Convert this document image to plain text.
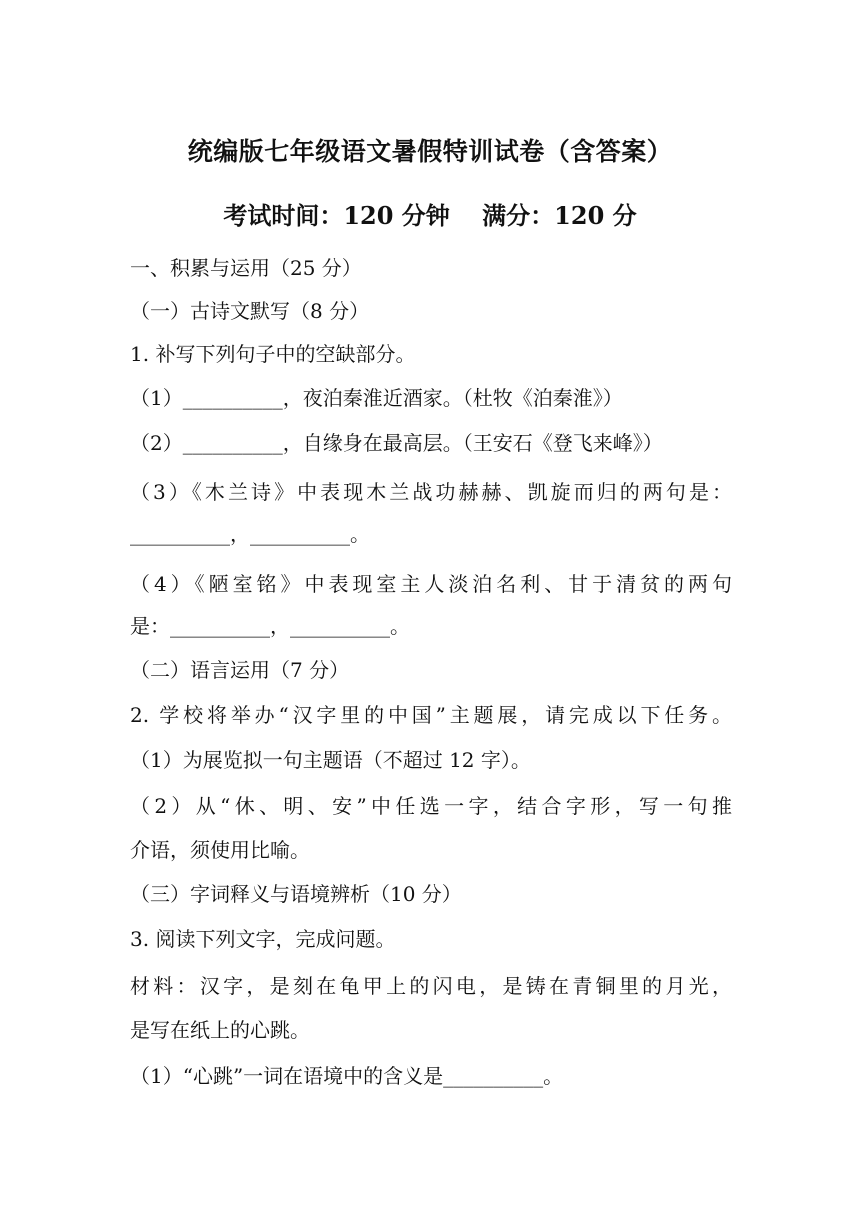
统编版七年级语文暑假特训试卷（含答案）
考试时间：120 分钟　 满分：120 分
一、积累与运用（25 分）
（一）古诗文默写（8 分）
1. 补写下列句子中的空缺部分。
（1）__________，夜泊秦淮近酒家。（杜牧《泊秦淮》）
（2）__________，自缘身在最高层。（王安石《登飞来峰》）
（3）《木兰诗》中表现木兰战功赫赫、凯旋而归的两句是：
__________，__________。
（4）《陋室铭》中表现室主人淡泊名利、甘于清贫的两句
是：__________，__________。
（二）语言运用（7 分）
2. 学校将举办“汉字里的中国”主题展，请完成以下任务。
（1）为展览拟一句主题语（不超过 12 字）。
（2）从“休、明、安”中任选一字，结合字形，写一句推
介语，须使用比喻。
（三）字词释义与语境辨析（10 分）
3. 阅读下列文字，完成问题。
材料：汉字，是刻在龟甲上的闪电，是铸在青铜里的月光，
是写在纸上的心跳。
（1）“心跳”一词在语境中的含义是__________。
